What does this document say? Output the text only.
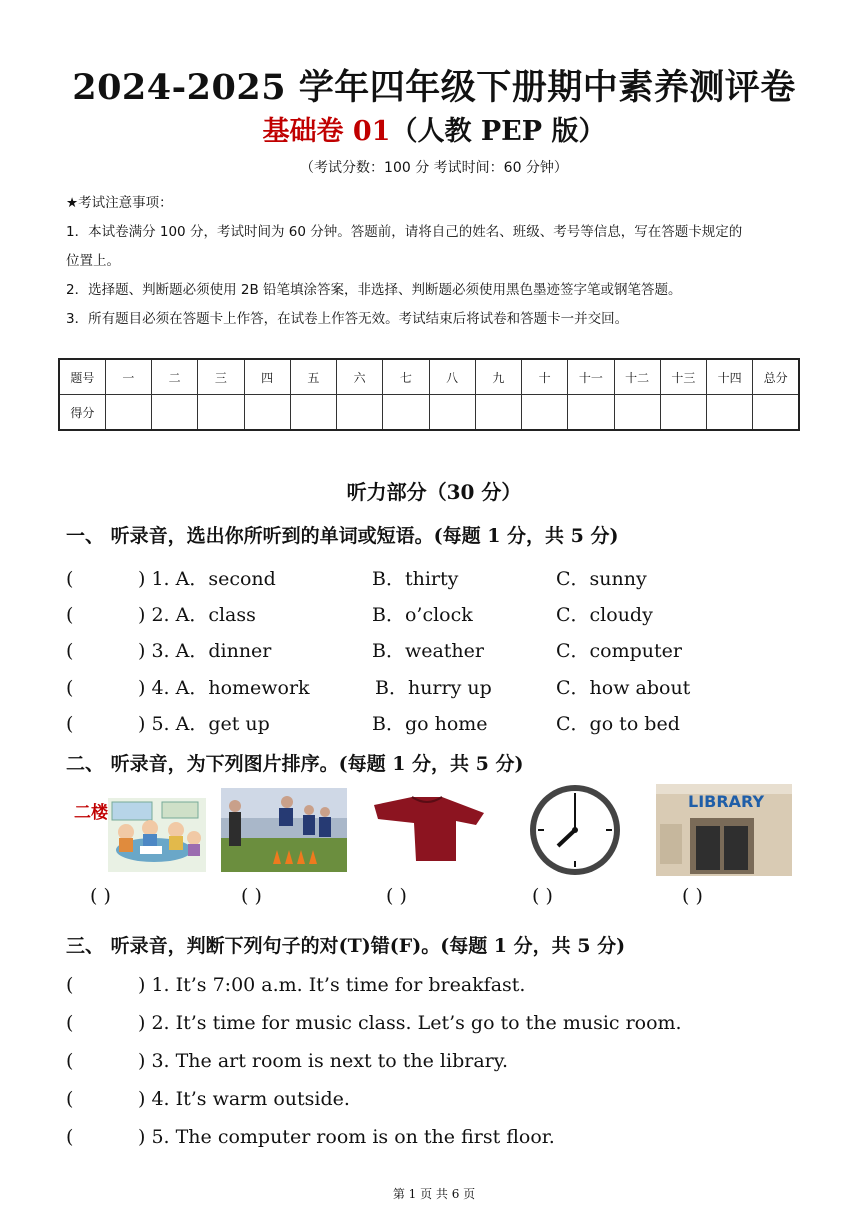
2024-2025 学年四年级下册期中素养测评卷
基础卷 01（人教 PEP 版）
（考试分数：100 分 考试时间：60 分钟）
★考试注意事项：
1．本试卷满分 100 分，考试时间为 60 分钟。答题前，请将自己的姓名、班级、考号等信息，写在答题卡规定的
位置上。
2．选择题、判断题必须使用 2B 铅笔填涂答案，非选择、判断题必须使用黑色墨迹签字笔或钢笔答题。
3．所有题目必须在答题卡上作答，在试卷上作答无效。考试结束后将试卷和答题卡一并交回。
题号	一	二	三	四	五	六	七	八	九	十	十一	十二	十三	十四	总分
得分															
听力部分（30 分）
一、 听录音，选出你所听到的单词或短语。(每题 1 分，共 5 分)
(	) 1. A．second	B．thirty	C．sunny
(	) 2. A．class	B．o’clock	C．cloudy
(	) 3. A．dinner	B．weather	C．computer
(	) 4. A．homework	B．hurry up	C．how about
(	) 5. A．get up	B．go home	C．go to bed
二、 听录音，为下列图片排序。(每题 1 分，共 5 分)
二楼
LIBRARY
( )	( )	( )	( )	( )
三、 听录音，判断下列句子的对(T)错(F)。(每题 1 分，共 5 分)
(	) 1. It’s 7:00 a.m. It’s time for breakfast.
(	) 2. It’s time for music class. Let’s go to the music room.
(	) 3. The art room is next to the library.
(	) 4. It’s warm outside.
(	) 5. The computer room is on the first floor.
第 1 页 共 6 页
